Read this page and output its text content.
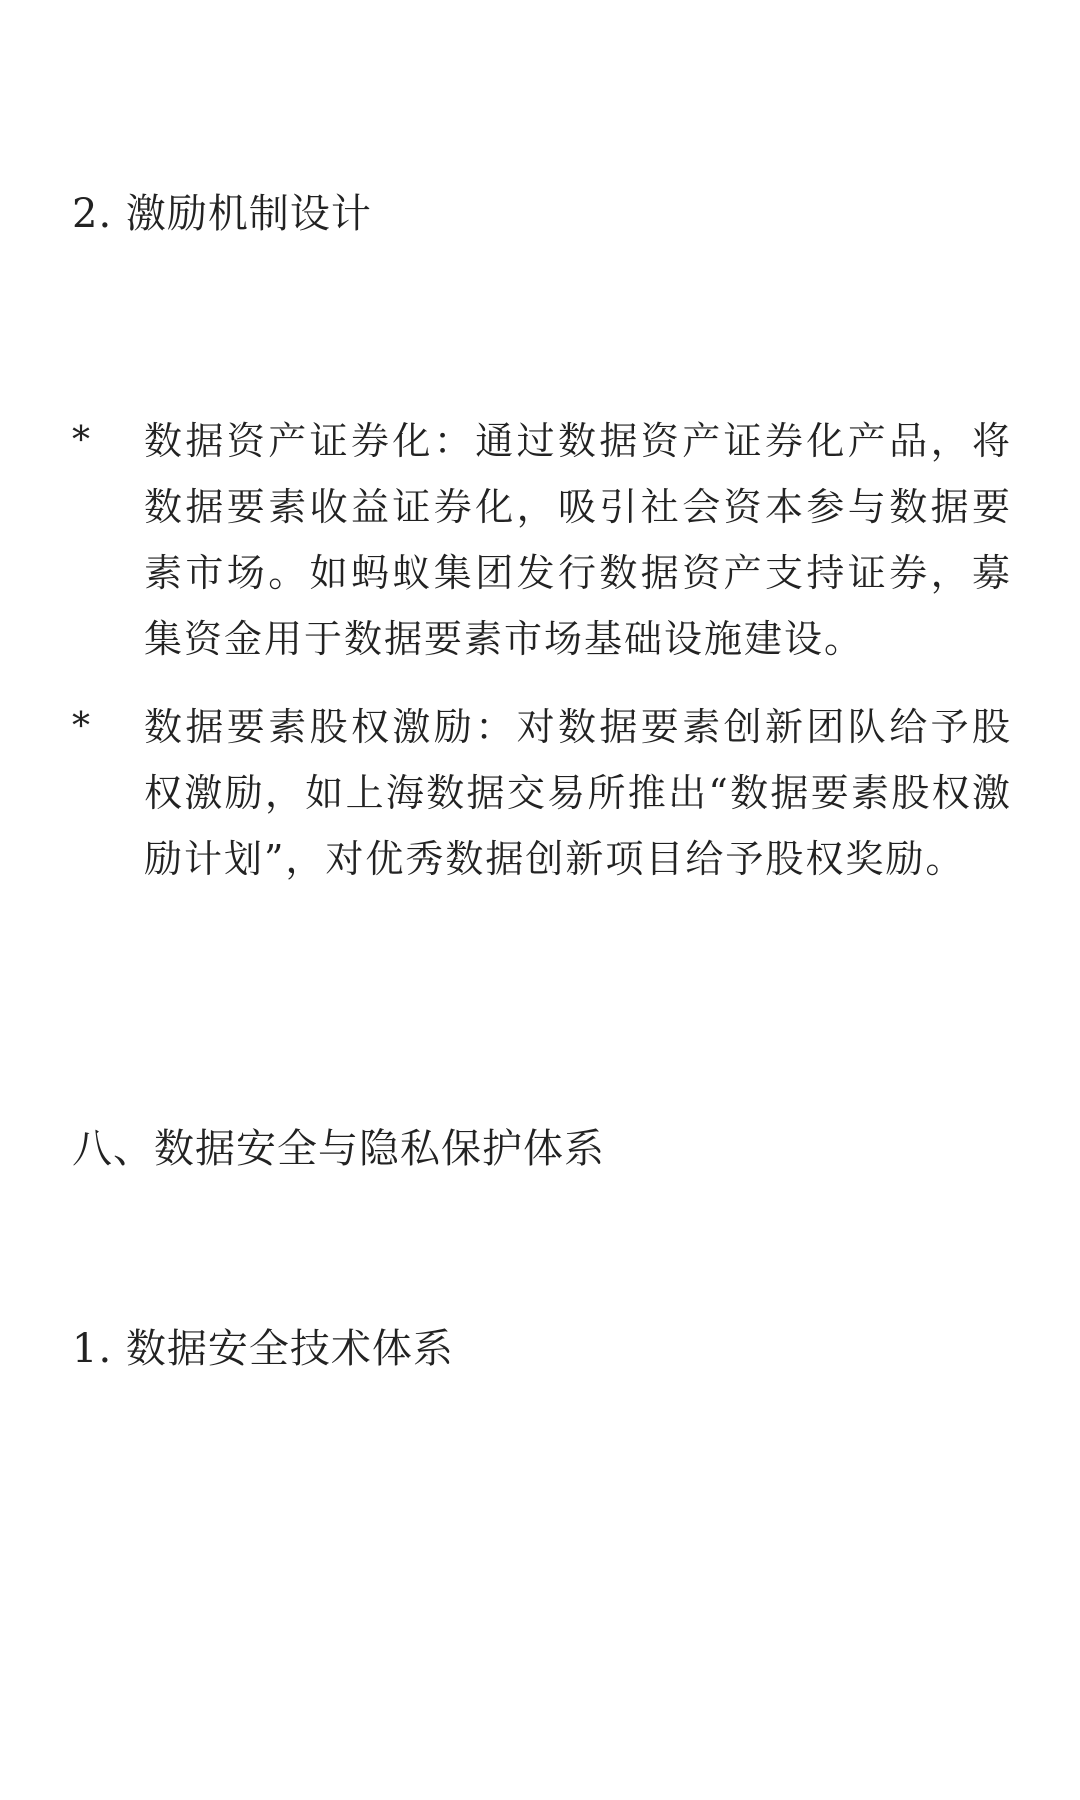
2. 激励机制设计
*	数据资产证券化：通过数据资产证券化产品，将数据要素收益证券化，吸引社会资本参与数据要素市场。如蚂蚁集团发行数据资产支持证券，募集资金用于数据要素市场基础设施建设。
*	数据要素股权激励：对数据要素创新团队给予股权激励，如上海数据交易所推出“数据要素股权激励计划”，对优秀数据创新项目给予股权奖励。
八、数据安全与隐私保护体系
1. 数据安全技术体系
